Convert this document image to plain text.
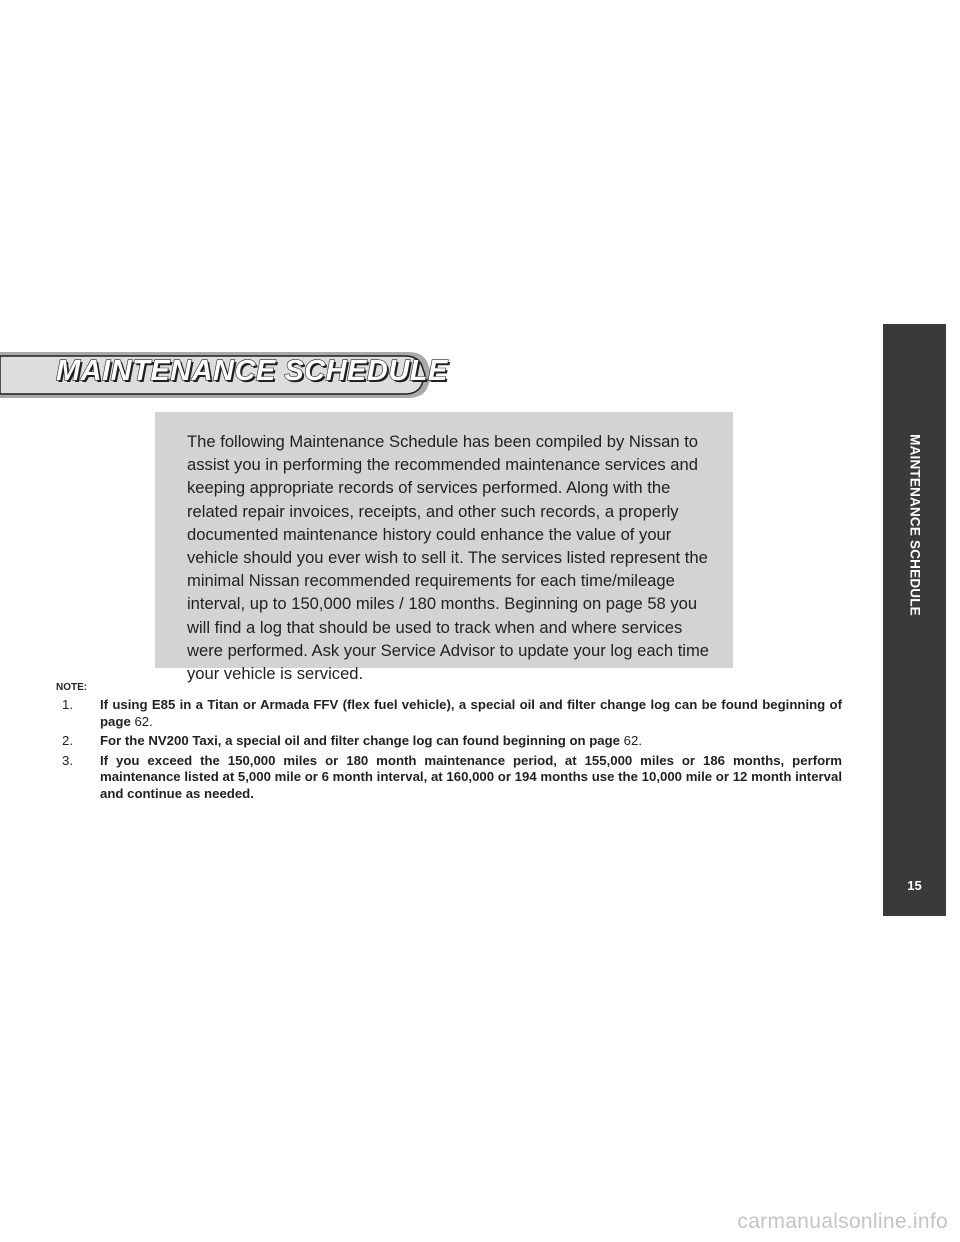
MAINTENANCE SCHEDULE

The following Maintenance Schedule has been compiled by Nissan to assist you in performing the recommended maintenance services and keeping appropriate records of services performed. Along with the related repair invoices, receipts, and other such records, a properly documented maintenance history could enhance the value of your vehicle should you ever wish to sell it. The services listed represent the minimal Nissan recommended requirements for each time/mileage interval, up to 150,000 miles / 180 months. Beginning on page 58 you will find a log that should be used to track when and where services were performed. Ask your Service Advisor to update your log each time your vehicle is serviced.

NOTE:

1. If using E85 in a Titan or Armada FFV (flex fuel vehicle), a special oil and filter change log can be found beginning of page 62.
2. For the NV200 Taxi, a special oil and filter change log can found beginning on page 62.
3. If you exceed the 150,000 miles or 180 month maintenance period, at 155,000 miles or 186 months, perform maintenance listed at 5,000 mile or 6 month interval, at 160,000 or 194 months use the 10,000 mile or 12 month interval and continue as needed.

MAINTENANCE SCHEDULE

15

carmanualsonline.info
